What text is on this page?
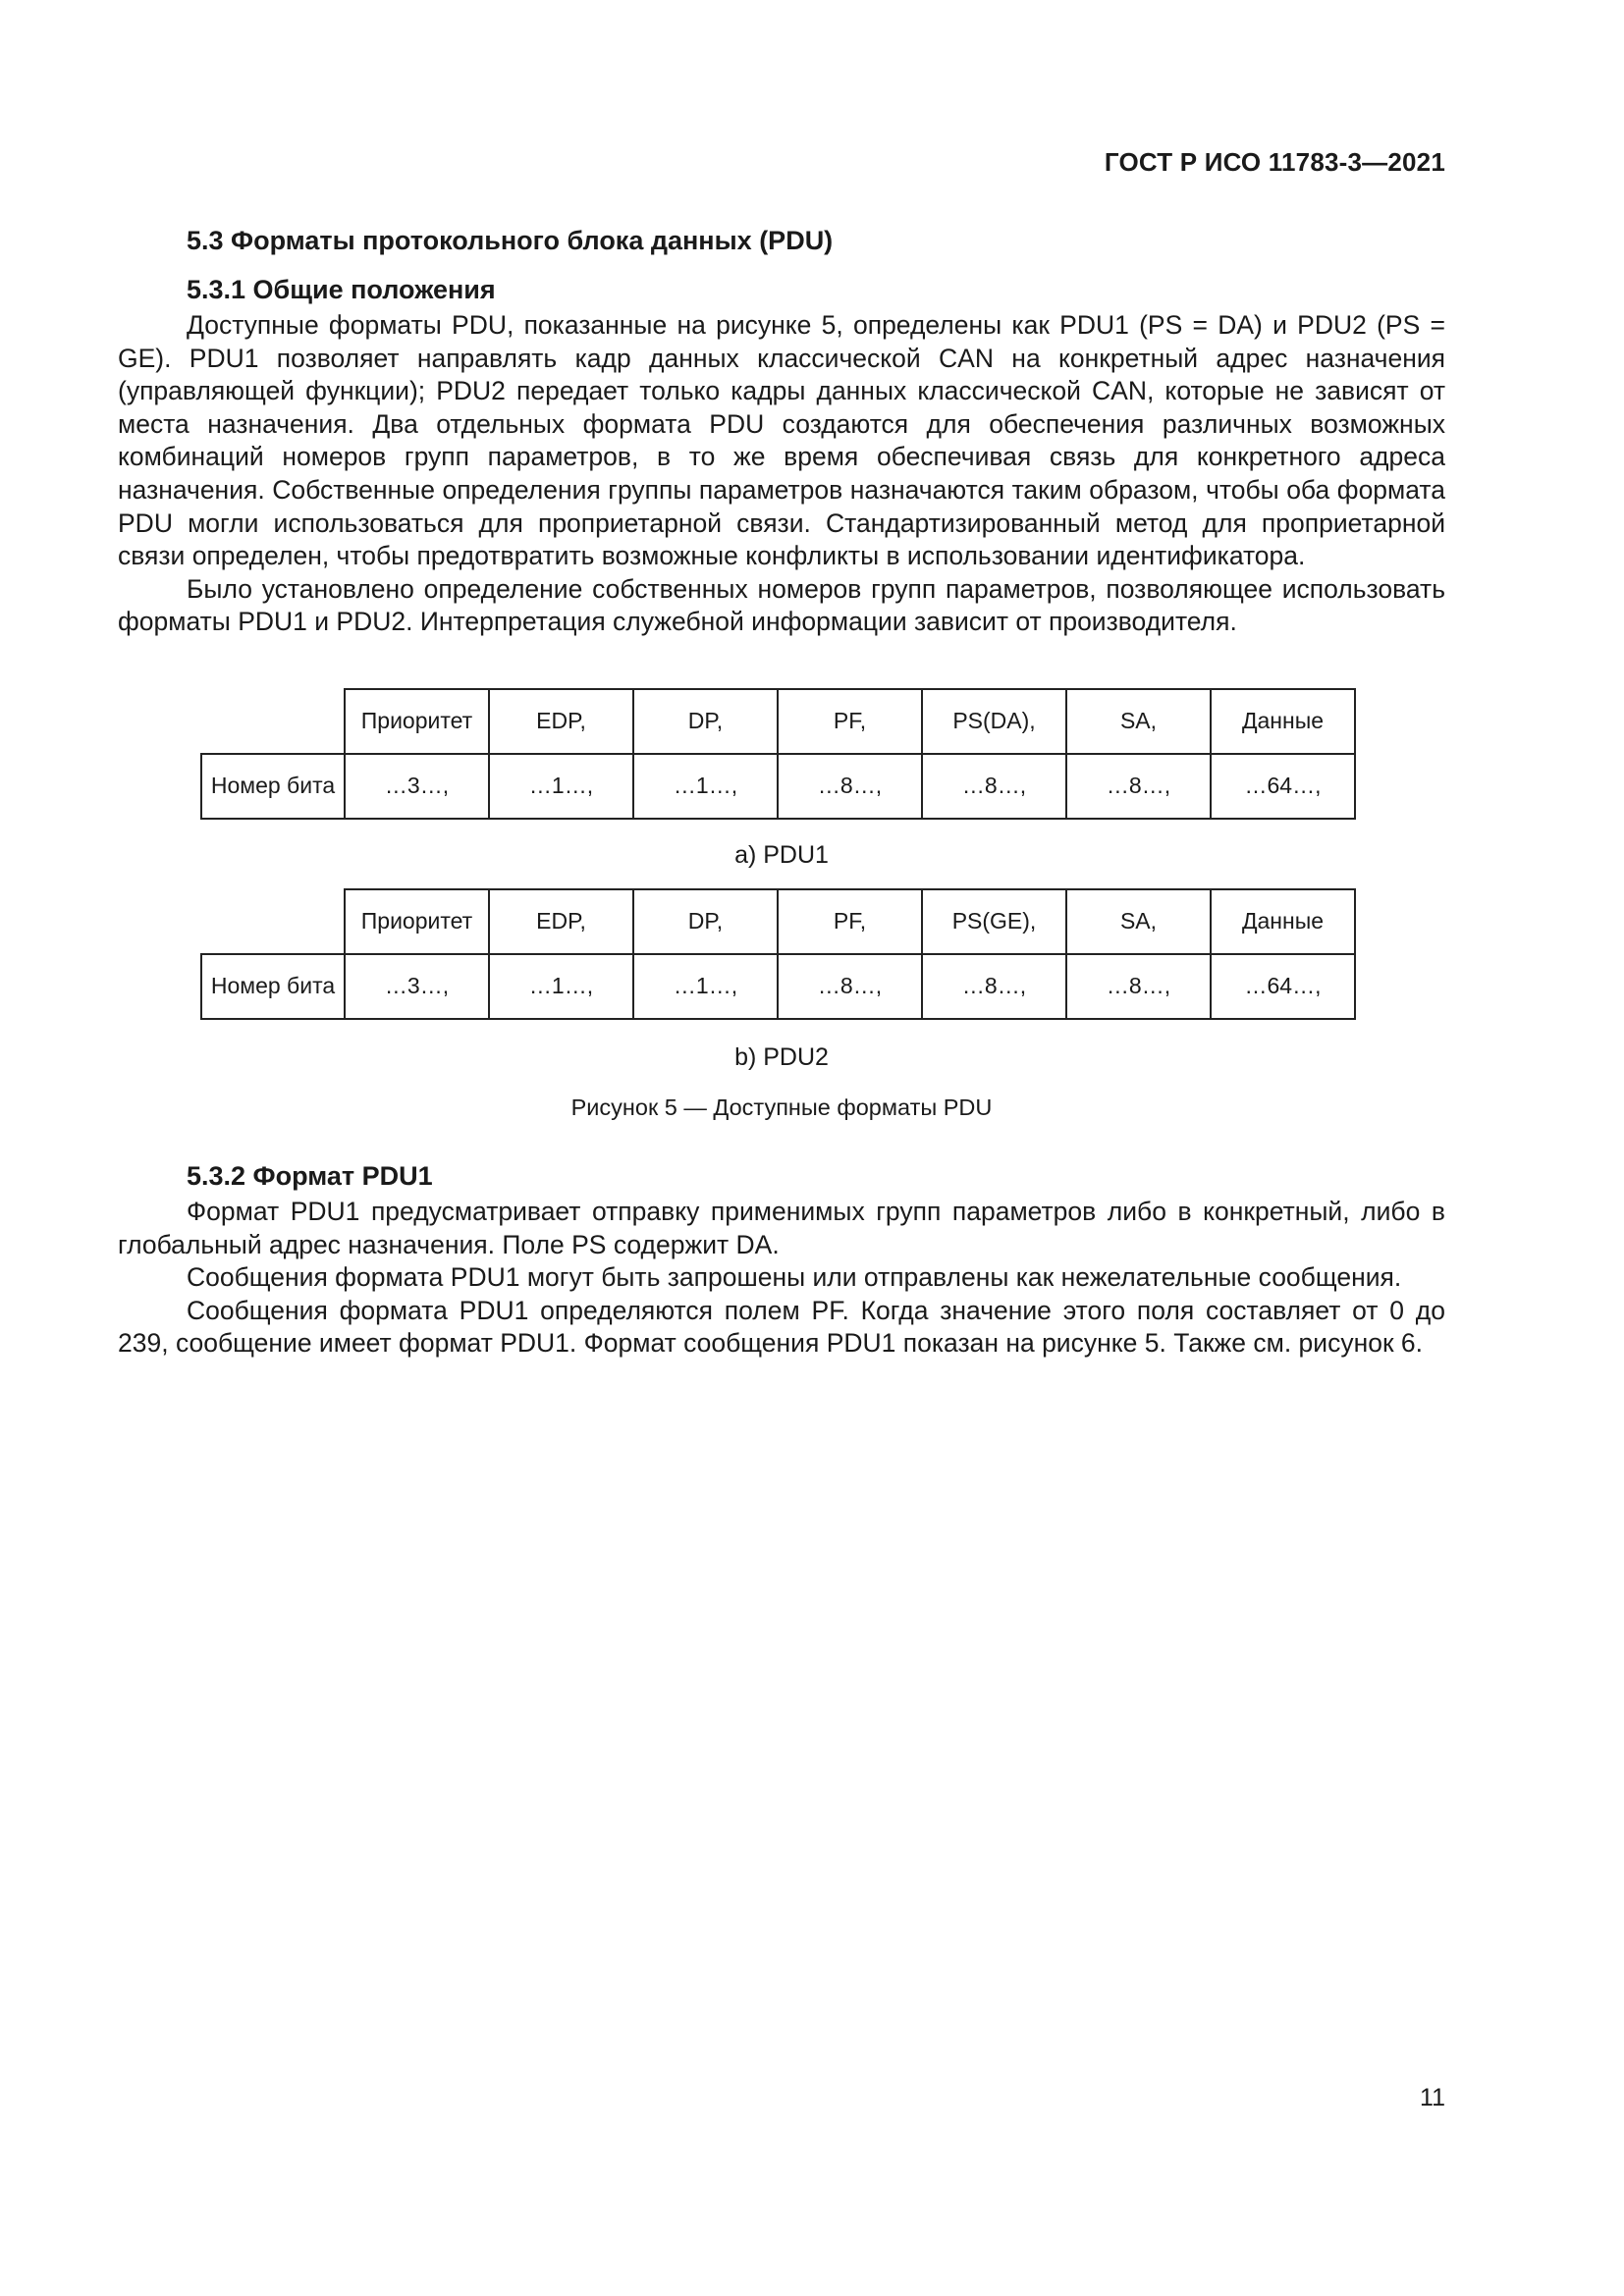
ГОСТ Р ИСО 11783-3—2021
5.3 Форматы протокольного блока данных (PDU)
5.3.1 Общие положения

Доступные форматы PDU, показанные на рисунке 5, определены как PDU1 (PS = DA) и PDU2 (PS = GE). PDU1 позволяет направлять кадр данных классической CAN на конкретный адрес назначения (управляющей функции); PDU2 передает только кадры данных классической CAN, которые не зависят от места назначения. Два отдельных формата PDU создаются для обеспечения различных возможных комбинаций номеров групп параметров, в то же время обеспечивая связь для конкретного адреса назначения. Собственные определения группы параметров назначаются таким образом, чтобы оба формата PDU могли использоваться для проприетарной связи. Стандартизированный метод для проприетарной связи определен, чтобы предотвратить возможные конфликты в использовании идентификатора.

Было установлено определение собственных номеров групп параметров, позволяющее использовать форматы PDU1 и PDU2. Интерпретация служебной информации зависит от производителя.

	Приоритет	EDP,	DP,	PF,	PS(DA),	SA,	Данные
Номер бита	…3…,	…1…,	…1…,	…8…,	…8…,	…8…,	…64…,
a) PDU1
	Приоритет	EDP,	DP,	PF,	PS(GE),	SA,	Данные
Номер бита	…3…,	…1…,	…1…,	…8…,	…8…,	…8…,	…64…,
b) PDU2
Рисунок 5 — Доступные форматы PDU
5.3.2 Формат PDU1

Формат PDU1 предусматривает отправку применимых групп параметров либо в конкретный, либо в глобальный адрес назначения. Поле PS содержит DA.

Сообщения формата PDU1 могут быть запрошены или отправлены как нежелательные сообщения.

Сообщения формата PDU1 определяются полем PF. Когда значение этого поля составляет от 0 до 239, сообщение имеет формат PDU1. Формат сообщения PDU1 показан на рисунке 5. Также см. рисунок 6.

11
